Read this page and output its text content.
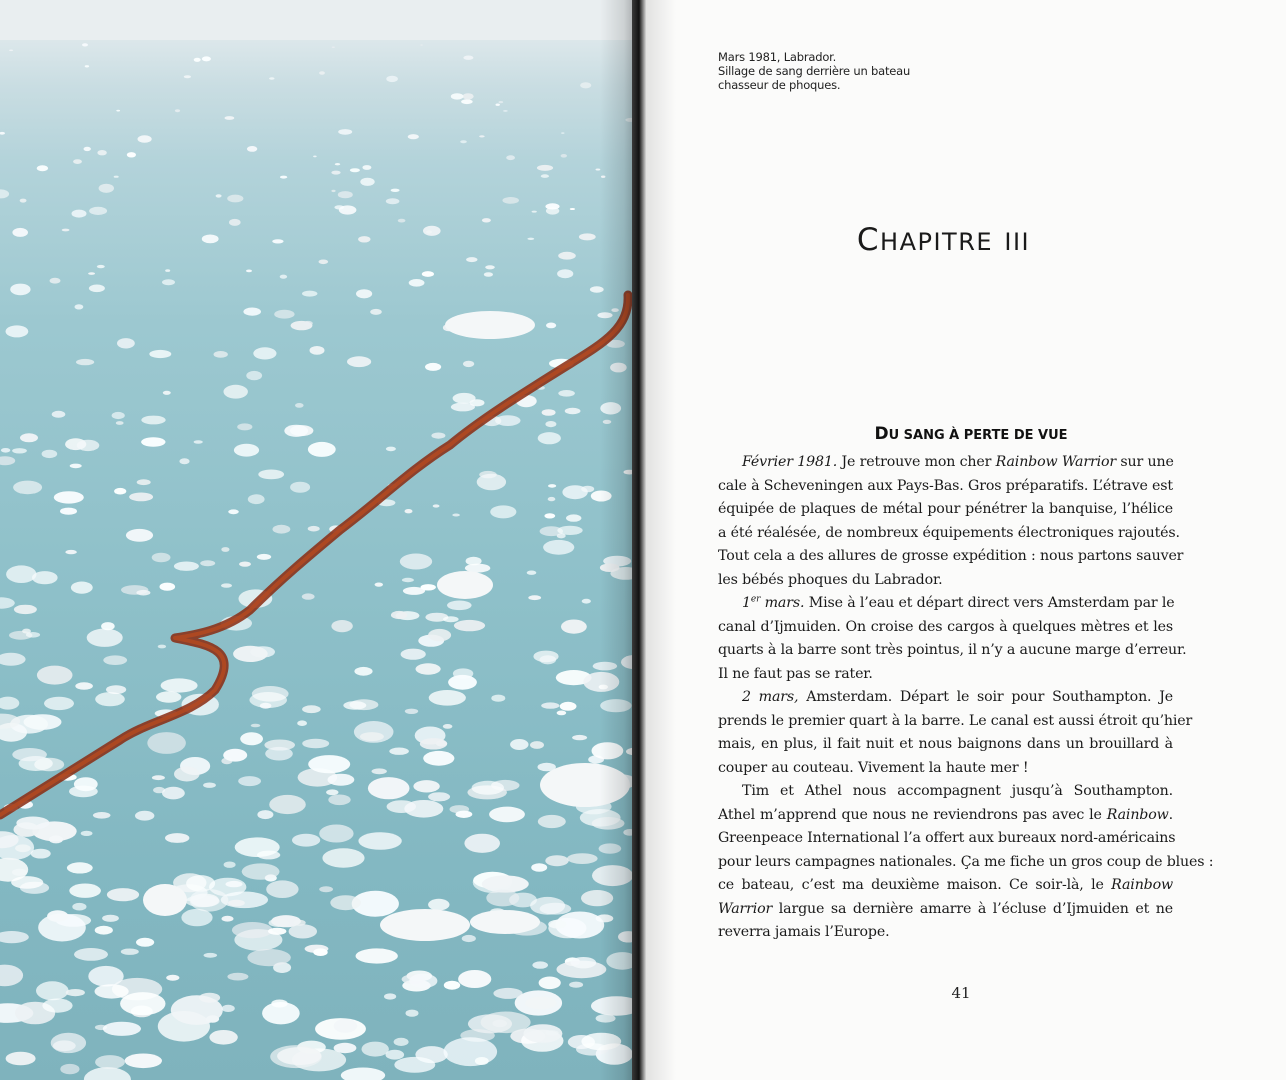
Mars 1981, Labrador.
Sillage de sang derrière un bateau
chasseur de phoques.
CHAPITRE III
DU SANG À PERTE DE VUE
Février 1981. Je retrouve mon cher Rainbow Warrior sur une
cale à Scheveningen aux Pays-Bas. Gros préparatifs. L’étrave est
équipée de plaques de métal pour pénétrer la banquise, l’hélice
a été réalésée, de nombreux équipements électroniques rajoutés.
Tout cela a des allures de grosse expédition : nous partons sauver
les bébés phoques du Labrador.
1er mars. Mise à l’eau et départ direct vers Amsterdam par le
canal d’Ijmuiden. On croise des cargos à quelques mètres et les
quarts à la barre sont très pointus, il n’y a aucune marge d’erreur.
Il ne faut pas se rater.
2 mars, Amsterdam. Départ le soir pour Southampton. Je
prends le premier quart à la barre. Le canal est aussi étroit qu’hier
mais, en plus, il fait nuit et nous baignons dans un brouillard à
couper au couteau. Vivement la haute mer !
Tim et Athel nous accompagnent jusqu’à Southampton.
Athel m’apprend que nous ne reviendrons pas avec le Rainbow.
Greenpeace International l’a offert aux bureaux nord-américains
pour leurs campagnes nationales. Ça me fiche un gros coup de blues :
ce bateau, c’est ma deuxième maison. Ce soir-là, le Rainbow
Warrior largue sa dernière amarre à l’écluse d’Ijmuiden et ne
reverra jamais l’Europe.
41
